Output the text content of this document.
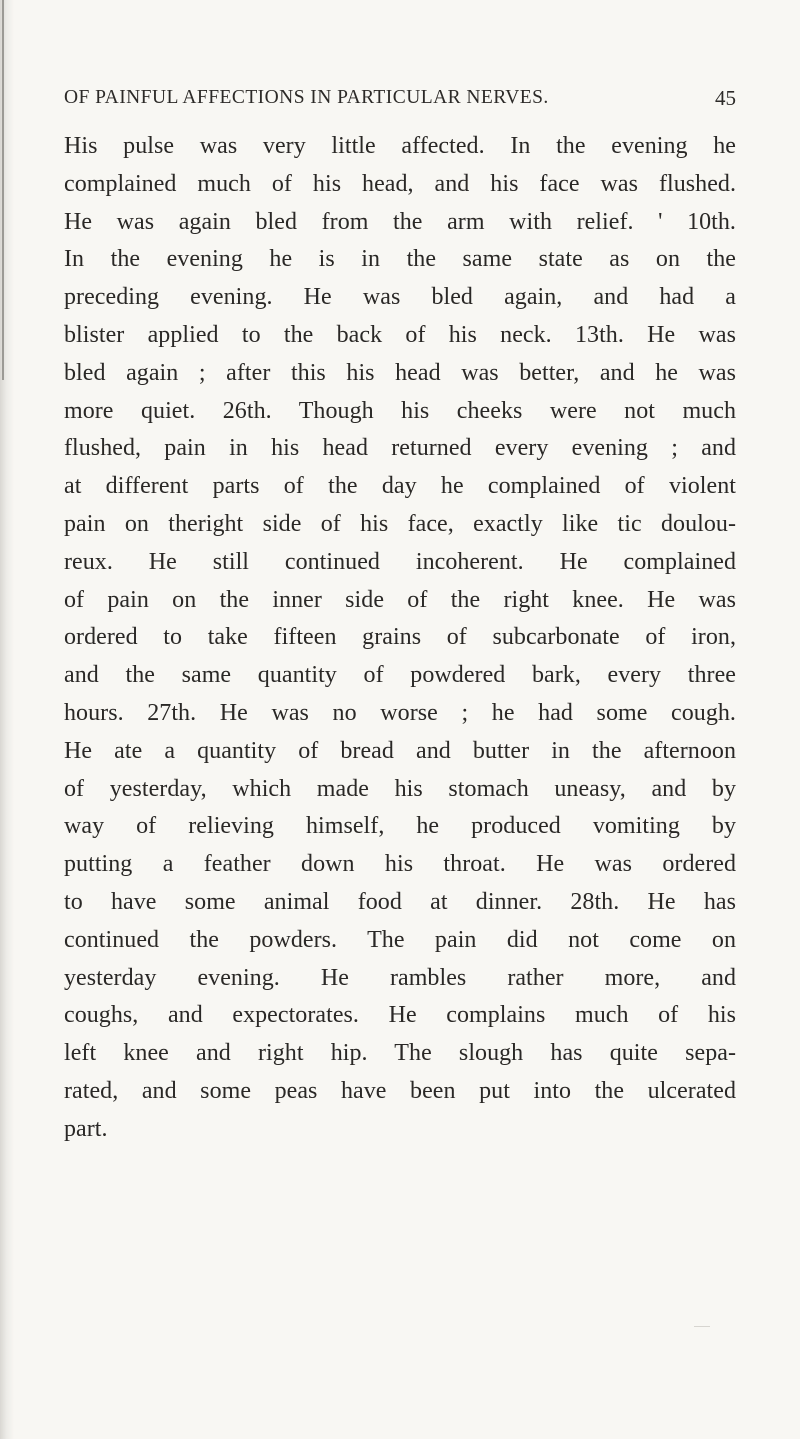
OF PAINFUL AFFECTIONS IN PARTICULAR NERVES.	45
His pulse was very little affected. In the evening he
complained much of his head, and his face was flushed.
He was again bled from the arm with relief. ' 10th.
In the evening he is in the same state as on the
preceding evening. He was bled again, and had a
blister applied to the back of his neck. 13th. He was
bled again ; after this his head was better, and he was
more quiet. 26th. Though his cheeks were not much
flushed, pain in his head returned every evening ; and
at different parts of the day he complained of violent
pain on theright side of his face, exactly like tic doulou-
reux. He still continued incoherent. He complained
of pain on the inner side of the right knee. He was
ordered to take fifteen grains of subcarbonate of iron,
and the same quantity of powdered bark, every three
hours. 27th. He was no worse ; he had some cough.
He ate a quantity of bread and butter in the afternoon
of yesterday, which made his stomach uneasy, and by
way of relieving himself, he produced vomiting by
putting a feather down his throat. He was ordered
to have some animal food at dinner. 28th. He has
continued the powders. The pain did not come on
yesterday evening. He rambles rather more, and
coughs, and expectorates. He complains much of his
left knee and right hip. The slough has quite sepa-
rated, and some peas have been put into the ulcerated
part.
